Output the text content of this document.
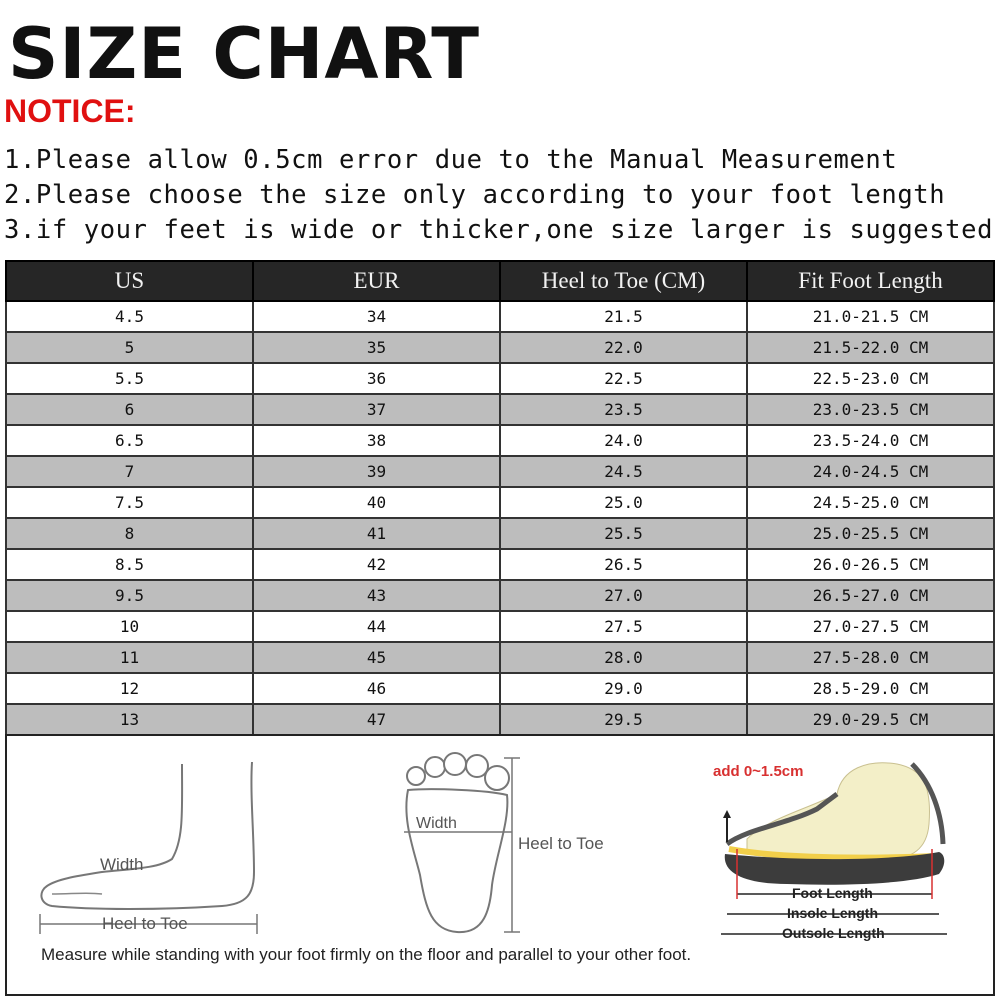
SIZE CHART
NOTICE:
1.Please allow 0.5cm error due to the Manual Measurement
2.Please choose the size only according to your foot length
3.if your feet is wide or thicker,one size larger is suggested
US	EUR	Heel to Toe (CM)	Fit Foot Length
4.5	34	21.5	21.0-21.5 CM
5	35	22.0	21.5-22.0 CM
5.5	36	22.5	22.5-23.0 CM
6	37	23.5	23.0-23.5 CM
6.5	38	24.0	23.5-24.0 CM
7	39	24.5	24.0-24.5 CM
7.5	40	25.0	24.5-25.0 CM
8	41	25.5	25.0-25.5 CM
8.5	42	26.5	26.0-26.5 CM
9.5	43	27.0	26.5-27.0 CM
10	44	27.5	27.0-27.5 CM
11	45	28.0	27.5-28.0 CM
12	46	29.0	28.5-29.0 CM
13	47	29.5	29.0-29.5 CM
Width
Heel to Toe
Width
Heel to Toe
add 0~1.5cm
Foot Length
Insole Length
Outsole Length
Measure while standing with your foot firmly on the floor and parallel to your other foot.
